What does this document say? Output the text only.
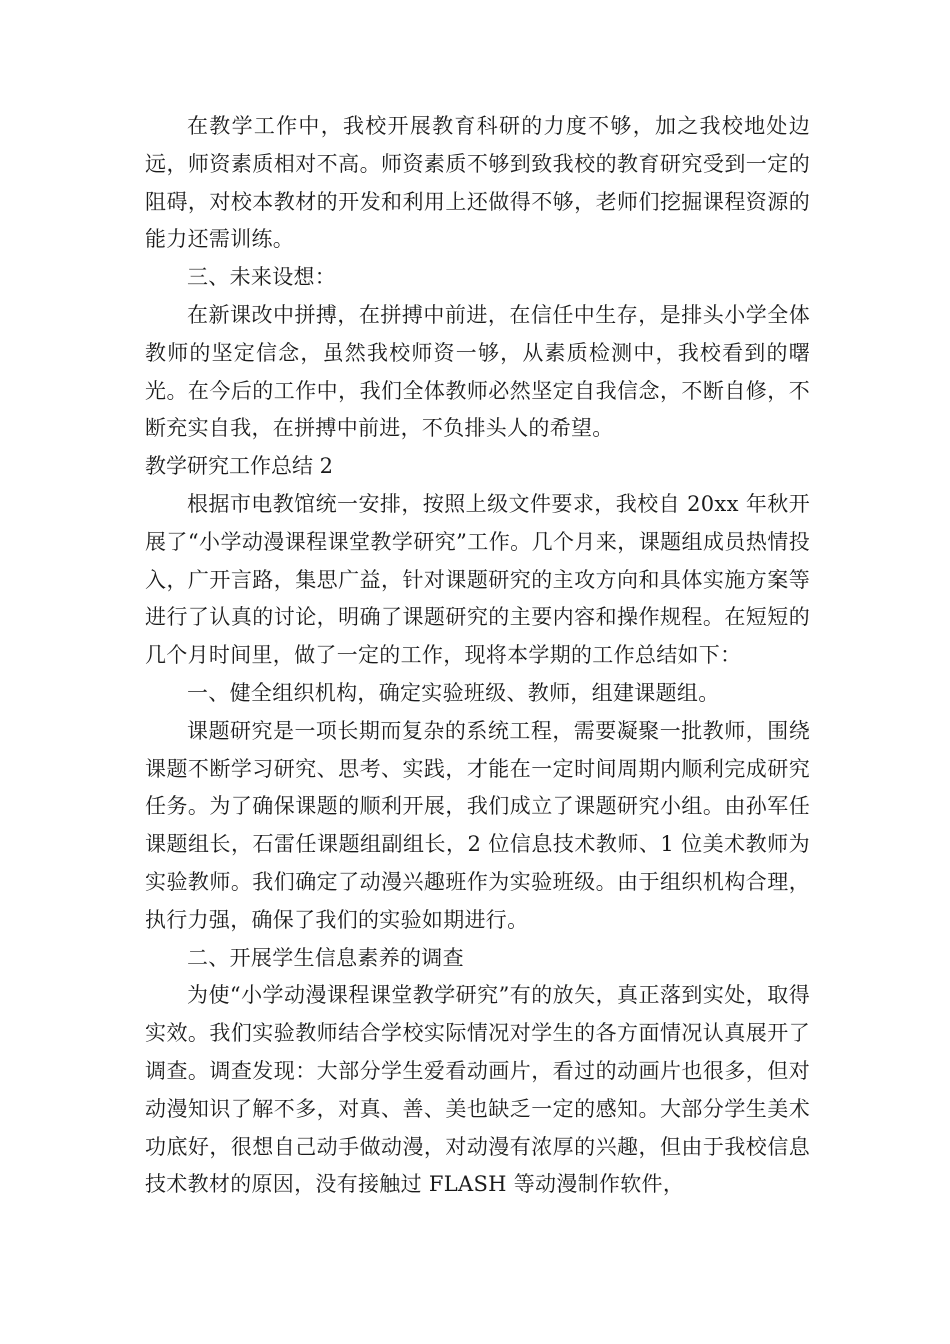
在教学工作中，我校开展教育科研的力度不够，加之我校地处边远，师资素质相对不高。师资素质不够到致我校的教育研究受到一定的阻碍，对校本教材的开发和利用上还做得不够，老师们挖掘课程资源的能力还需训练。

三、未来设想：

在新课改中拼搏，在拼搏中前进，在信任中生存，是排头小学全体教师的坚定信念，虽然我校师资一够，从素质检测中，我校看到的曙光。在今后的工作中，我们全体教师必然坚定自我信念，不断自修，不断充实自我，在拼搏中前进，不负排头人的希望。

教学研究工作总结 2

根据市电教馆统一安排，按照上级文件要求，我校自 20xx 年秋开展了“小学动漫课程课堂教学研究”工作。几个月来，课题组成员热情投入，广开言路，集思广益，针对课题研究的主攻方向和具体实施方案等进行了认真的讨论，明确了课题研究的主要内容和操作规程。在短短的几个月时间里，做了一定的工作，现将本学期的工作总结如下：

一、健全组织机构，确定实验班级、教师，组建课题组。

课题研究是一项长期而复杂的系统工程，需要凝聚一批教师，围绕课题不断学习研究、思考、实践，才能在一定时间周期内顺利完成研究任务。为了确保课题的顺利开展，我们成立了课题研究小组。由孙军任课题组长，石雷任课题组副组长，2 位信息技术教师、1 位美术教师为实验教师。我们确定了动漫兴趣班作为实验班级。由于组织机构合理，执行力强，确保了我们的实验如期进行。

二、开展学生信息素养的调查

为使“小学动漫课程课堂教学研究”有的放矢，真正落到实处，取得实效。我们实验教师结合学校实际情况对学生的各方面情况认真展开了调查。调查发现：大部分学生爱看动画片，看过的动画片也很多，但对动漫知识了解不多，对真、善、美也缺乏一定的感知。大部分学生美术功底好，很想自己动手做动漫，对动漫有浓厚的兴趣，但由于我校信息技术教材的原因，没有接触过 FLASH 等动漫制作软件，
